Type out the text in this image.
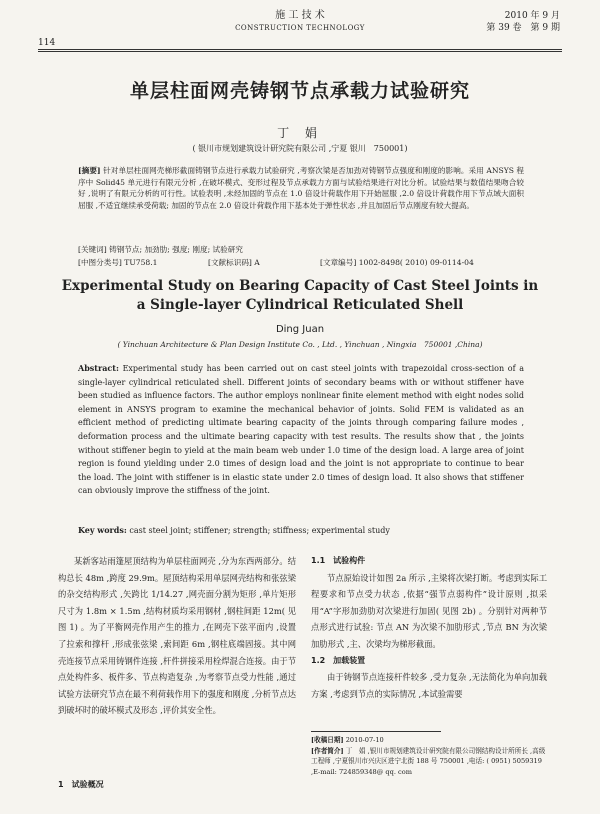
施 工 技 术
CONSTRUCTION TECHNOLOGY
2010 年 9 月
第 39 卷　第 9 期
114
单层柱面网壳铸钢节点承载力试验研究
丁 娟
( 银川市规划建筑设计研究院有限公司 ,宁夏 银川　750001)
[摘要] 针对单层柱面网壳梯形截面铸钢节点进行承载力试验研究 ,考察次梁是否加劲对铸钢节点强度和刚度的影响。采用 ANSYS 程序中 Solid45 单元进行有限元分析 ,在破坏模式、变形过程及节点承载力方面与试验结果进行对比分析。试验结果与数值结果吻合较好 ,说明了有限元分析的可行性。试验表明 ,未经加固的节点在 1.0 倍设计荷载作用下开始屈服 ,2.0 倍设计荷载作用下节点域大面积屈服 ,不适宜继续承受荷载; 加固的节点在 2.0 倍设计荷载作用下基本处于弹性状态 ,并且加固后节点刚度有较大提高。
[关键词] 铸钢节点; 加劲肋; 强度; 刚度; 试验研究
[中图分类号] TU758.1	[文献标识码] A	[文章编号] 1002-8498( 2010) 09-0114-04
Experimental Study on Bearing Capacity of Cast Steel Joints in
a Single-layer Cylindrical Reticulated Shell
Ding Juan
( Yinchuan Architecture & Plan Design Institute Co. , Ltd. , Yinchuan , Ningxia　750001 ,China)
Abstract: Experimental study has been carried out on cast steel joints with trapezoidal cross-section of a single-layer cylindrical reticulated shell. Different joints of secondary beams with or without stiffener have been studied as influence factors. The author employs nonlinear finite element method with eight nodes solid element in ANSYS program to examine the mechanical behavior of joints. Solid FEM is validated as an efficient method of predicting ultimate bearing capacity of the joints through comparing failure modes , deformation process and the ultimate bearing capacity with test results. The results show that , the joints without stiffener begin to yield at the main beam web under 1.0 time of the design load. A large area of joint region is found yielding under 2.0 times of design load and the joint is not appropriate to continue to bear the load. The joint with stiffener is in elastic state under 2.0 times of design load. It also shows that stiffener can obviously improve the stiffness of the joint.
Key words: cast steel joint; stiffener; strength; stiffness; experimental study

某新客站雨篷屋顶结构为单层柱面网壳 ,分为东西两部分。结构总长 48m ,跨度 29.9m。屋顶结构采用单层网壳结构和张弦梁的杂交结构形式 ,矢跨比 1/14.27 ,网壳面分割为矩形 ,单片矩形尺寸为 1.8m × 1.5m ,结构材质均采用钢材 ,钢柱间距 12m( 见图 1) 。为了平衡网壳作用产生的推力 ,在网壳下弦平面内 ,设置了拉索和撑杆 ,形成张弦梁 ,索间距 6m ,钢柱底端固接。其中网壳连接节点采用铸钢件连接 ,杆件拼接采用栓焊混合连接。由于节点处构件多、板件多、节点构造复杂 ,为考察节点受力性能 ,通过试验方法研究节点在最不利荷载作用下的强度和刚度 ,分析节点达到破坏时的破坏模式及形态 ,评价其安全性。

1　试验概况

1.1　试验构件

节点原始设计如图 2a 所示 ,主梁将次梁打断。考虑到实际工程要求和节点受力状态 ,依据“强节点弱构件”设计原则 ,拟采用“A”字形加劲肋对次梁进行加固( 见图 2b) 。分别针对两种节点形式进行试验: 节点 AN 为次梁不加肋形式 ,节点 BN 为次梁加肋形式 ,主、次梁均为梯形截面。

1.2　加载装置

由于铸钢节点连接杆件较多 ,受力复杂 ,无法简化为单向加载方案 ,考虑到节点的实际情况 ,本试验需要

[收稿日期] 2010-07-10
[作者简介] 丁　娟 ,银川市规划建筑设计研究院有限公司钢结构设计所所长 ,高级工程师 ,宁夏银川市兴庆区进宁北街 188 号 750001 ,电话: ( 0951) 5059319 ,E-mail: 724859348@ qq. com
